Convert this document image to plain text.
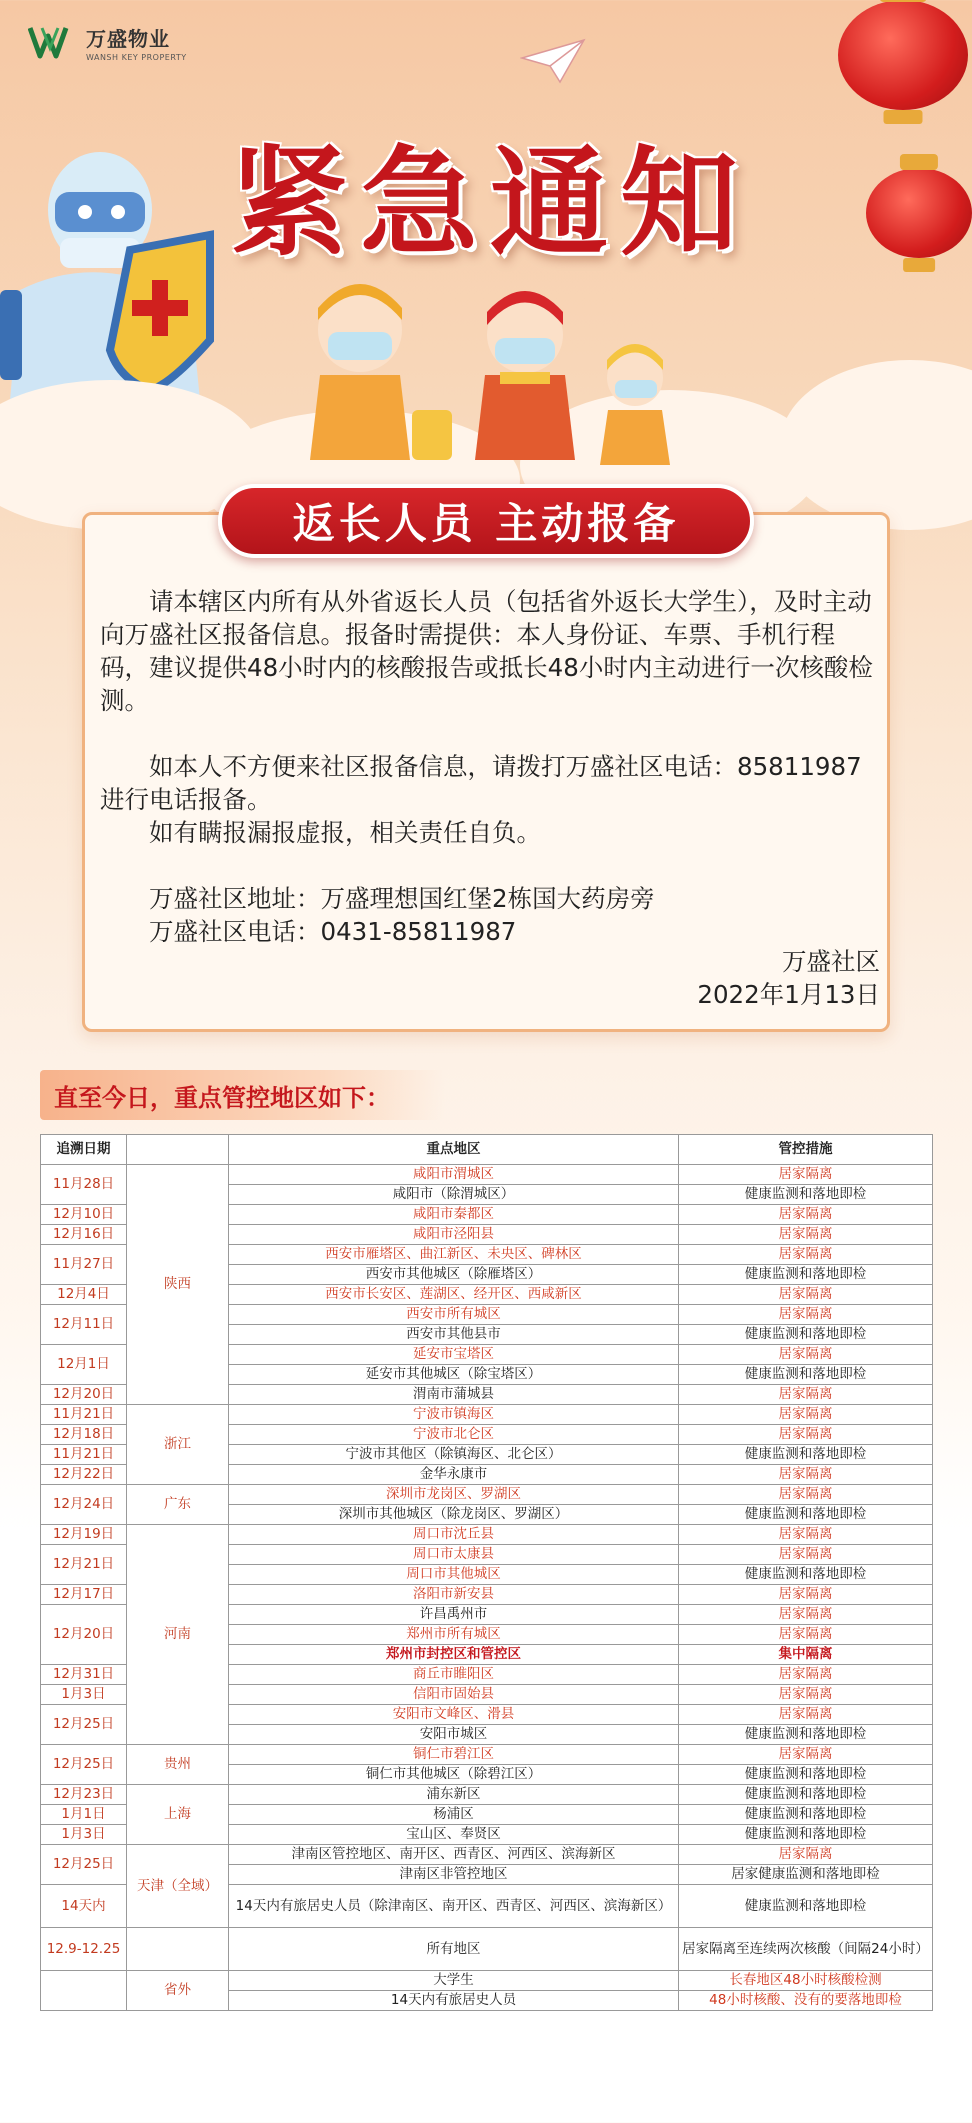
万盛物业
WANSH KEY PROPERTY
紧急通知
返长人员 主动报备

请本辖区内所有从外省返长人员（包括省外返长大学生），及时主动向万盛社区报备信息。报备时需提供：本人身份证、车票、手机行程码，建议提供48小时内的核酸报告或抵长48小时内主动进行一次核酸检测。

如本人不方便来社区报备信息，请拨打万盛社区电话：85811987进行电话报备。

如有瞒报漏报虚报，相关责任自负。

万盛社区地址：万盛理想国红堡2栋国大药房旁

万盛社区电话：0431-85811987

万盛社区

2022年1月13日

直至今日，重点管控地区如下：
追溯日期		重点地区	管控措施
11月28日	陕西	咸阳市渭城区	居家隔离
		咸阳市（除渭城区）	健康监测和落地即检
12月10日		咸阳市秦都区	居家隔离
12月16日		咸阳市泾阳县	居家隔离
11月27日		西安市雁塔区、曲江新区、未央区、碑林区	居家隔离
		西安市其他城区（除雁塔区）	健康监测和落地即检
12月4日		西安市长安区、莲湖区、经开区、西咸新区	居家隔离
12月11日		西安市所有城区	居家隔离
		西安市其他县市	健康监测和落地即检
12月1日		延安市宝塔区	居家隔离
		延安市其他城区（除宝塔区）	健康监测和落地即检
12月20日		渭南市蒲城县	居家隔离
11月21日	浙江	宁波市镇海区	居家隔离
12月18日		宁波市北仑区	居家隔离
11月21日		宁波市其他区（除镇海区、北仑区）	健康监测和落地即检
12月22日		金华永康市	居家隔离
12月24日	广东	深圳市龙岗区、罗湖区	居家隔离
		深圳市其他城区（除龙岗区、罗湖区）	健康监测和落地即检
12月19日	河南	周口市沈丘县	居家隔离
12月21日		周口市太康县	居家隔离
		周口市其他城区	健康监测和落地即检
12月17日		洛阳市新安县	居家隔离
12月20日		许昌禹州市	居家隔离
		郑州市所有城区	居家隔离
		郑州市封控区和管控区	集中隔离
12月31日		商丘市睢阳区	居家隔离
1月3日		信阳市固始县	居家隔离
12月25日		安阳市文峰区、滑县	居家隔离
		安阳市城区	健康监测和落地即检
12月25日	贵州	铜仁市碧江区	居家隔离
		铜仁市其他城区（除碧江区）	健康监测和落地即检
12月23日	上海	浦东新区	健康监测和落地即检
1月1日		杨浦区	健康监测和落地即检
1月3日		宝山区、奉贤区	健康监测和落地即检
12月25日	天津（全域）	津南区管控地区、南开区、西青区、河西区、滨海新区	居家隔离
		津南区非管控地区	居家健康监测和落地即检
14天内		14天内有旅居史人员（除津南区、南开区、西青区、河西区、滨海新区）	健康监测和落地即检
12.9-12.25		所有地区	居家隔离至连续两次核酸（间隔24小时）
	省外	大学生	长春地区48小时核酸检测
		14天内有旅居史人员	48小时核酸、没有的要落地即检
